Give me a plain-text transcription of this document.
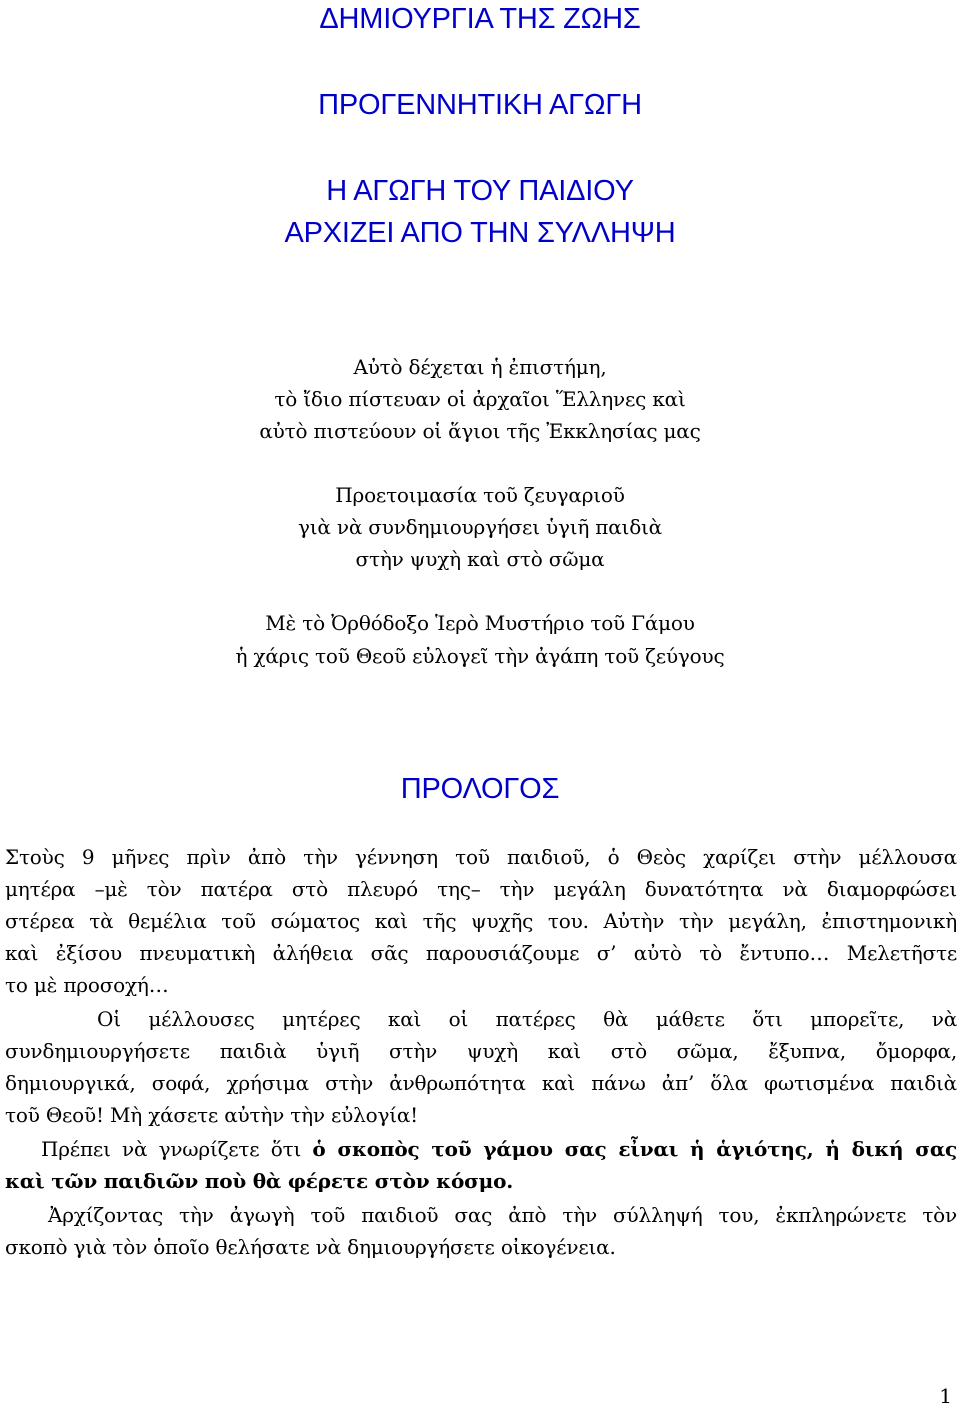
ΔΗΜΙΟΥΡΓΙΑ ΤΗΣ ΖΩΗΣ
ΠΡΟΓΕΝΝΗΤΙΚΗ ΑΓΩΓΗ
Η ΑΓΩΓΗ ΤΟΥ ΠΑΙΔΙΟΥ
ΑΡΧΙΖΕΙ ΑΠΟ ΤΗΝ ΣΥΛΛΗΨΗ
Αὐτὸ δέχεται ἡ ἐπιστήμη,
τὸ ἴδιο πίστευαν οἱ ἀρχαῖοι Ἕλληνες καὶ
αὐτὸ πιστεύουν οἱ ἅγιοι τῆς Ἐκκλησίας μας
Προετοιμασία τοῦ ζευγαριοῦ
γιὰ νὰ συνδημιουργήσει ὑγιῆ παιδιὰ
στὴν ψυχὴ καὶ στὸ σῶμα
Μὲ τὸ Ὀρθόδοξο Ἱερὸ Μυστήριο τοῦ Γάμου
ἡ χάρις τοῦ Θεοῦ εὐλογεῖ τὴν ἀγάπη τοῦ ζεύγους
ΠΡΟΛΟΓΟΣ
Στοὺς 9 μῆνες πρὶν ἀπὸ τὴν γέννηση τοῦ παιδιοῦ, ὁ Θεὸς χαρίζει στὴν μέλλουσα
μητέρα –μὲ τὸν πατέρα στὸ πλευρό της– τὴν μεγάλη δυνατότητα νὰ διαμορφώσει
στέρεα τὰ θεμέλια τοῦ σώματος καὶ τῆς ψυχῆς του. Αὐτὴν τὴν μεγάλη, ἐπιστημονικὴ
καὶ ἐξίσου πνευματικὴ ἀλήθεια σᾶς παρουσιάζουμε σ’ αὐτὸ τὸ ἔντυπο… Μελετῆστε
το μὲ προσοχή…
Οἱ μέλλουσες μητέρες καὶ οἱ πατέρες θὰ μάθετε ὅτι μπορεῖτε, νὰ
συνδημιουργήσετε παιδιὰ ὑγιῆ στὴν ψυχὴ καὶ στὸ σῶμα, ἔξυπνα, ὄμορφα,
δημιουργικά, σοφά, χρήσιμα στὴν ἀνθρωπότητα καὶ πάνω ἀπ’ ὅλα φωτισμένα παιδιὰ
τοῦ Θεοῦ! Μὴ χάσετε αὐτὴν τὴν εὐλογία!
Πρέπει νὰ γνωρίζετε ὅτι ὁ σκοπὸς τοῦ γάμου σας εἶναι ἡ ἁγιότης, ἡ δική σας
καὶ τῶν παιδιῶν ποὺ θὰ φέρετε στὸν κόσμο.
Ἀρχίζοντας τὴν ἀγωγὴ τοῦ παιδιοῦ σας ἀπὸ τὴν σύλληψή του, ἐκπληρώνετε τὸν
σκοπὸ γιὰ τὸν ὁποῖο θελήσατε νὰ δημιουργήσετε οἰκογένεια.
1
